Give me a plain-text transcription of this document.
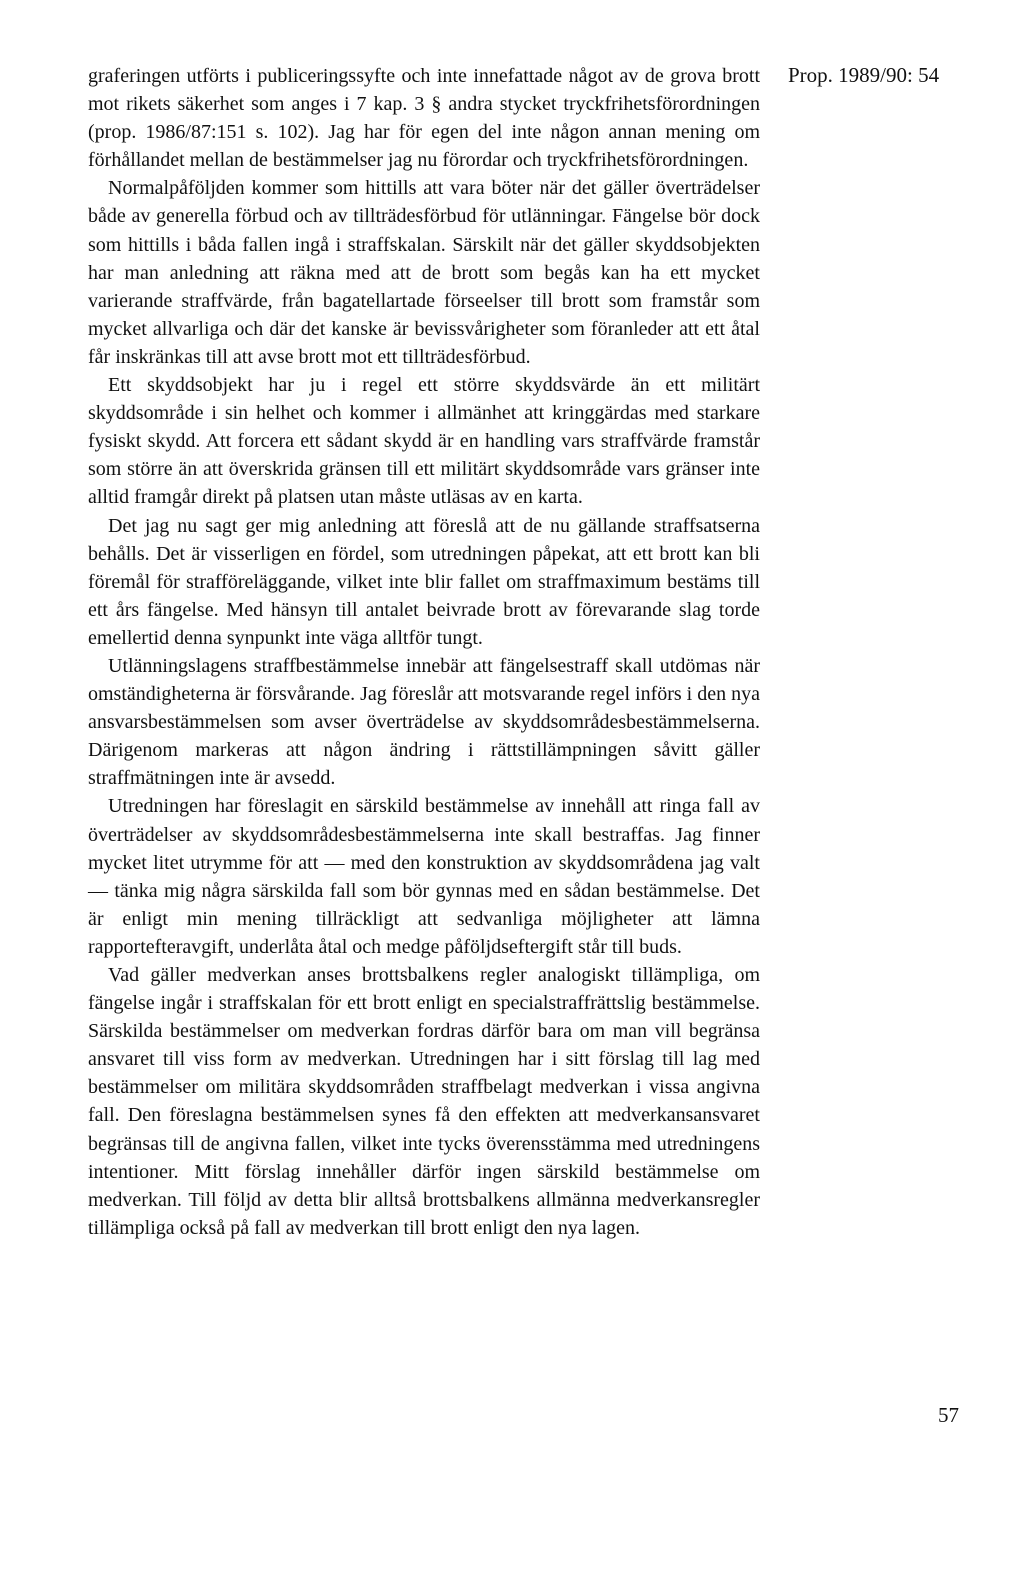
Prop. 1989/90: 54

graferingen utförts i publiceringssyfte och inte innefattade något av de grova brott mot rikets säkerhet som anges i 7 kap. 3 § andra stycket tryckfrihetsförordningen (prop. 1986/87:151 s. 102). Jag har för egen del inte någon annan mening om förhållandet mellan de bestämmelser jag nu förordar och tryckfrihetsförordningen.

Normalpåföljden kommer som hittills att vara böter när det gäller överträdelser både av generella förbud och av tillträdesförbud för utlänningar. Fängelse bör dock som hittills i båda fallen ingå i straffskalan. Särskilt när det gäller skyddsobjekten har man anledning att räkna med att de brott som begås kan ha ett mycket varierande straffvärde, från bagatellartade förseelser till brott som framstår som mycket allvarliga och där det kanske är bevissvårigheter som föranleder att ett åtal får inskränkas till att avse brott mot ett tillträdesförbud.

Ett skyddsobjekt har ju i regel ett större skyddsvärde än ett militärt skyddsområde i sin helhet och kommer i allmänhet att kringgärdas med starkare fysiskt skydd. Att forcera ett sådant skydd är en handling vars straffvärde framstår som större än att överskrida gränsen till ett militärt skyddsområde vars gränser inte alltid framgår direkt på platsen utan måste utläsas av en karta.

Det jag nu sagt ger mig anledning att föreslå att de nu gällande straffsatserna behålls. Det är visserligen en fördel, som utredningen påpekat, att ett brott kan bli föremål för strafföreläggande, vilket inte blir fallet om straffmaximum bestäms till ett års fängelse. Med hänsyn till antalet beivrade brott av förevarande slag torde emellertid denna synpunkt inte väga alltför tungt.

Utlänningslagens straffbestämmelse innebär att fängelsestraff skall utdömas när omständigheterna är försvårande. Jag föreslår att motsvarande regel införs i den nya ansvarsbestämmelsen som avser överträdelse av skyddsområdesbestämmelserna. Därigenom markeras att någon ändring i rättstillämpningen såvitt gäller straffmätningen inte är avsedd.

Utredningen har föreslagit en särskild bestämmelse av innehåll att ringa fall av överträdelser av skyddsområdesbestämmelserna inte skall bestraffas. Jag finner mycket litet utrymme för att — med den konstruktion av skyddsområdena jag valt — tänka mig några särskilda fall som bör gynnas med en sådan bestämmelse. Det är enligt min mening tillräckligt att sedvanliga möjligheter att lämna rapportefteravgift, underlåta åtal och medge påföljdseftergift står till buds.

Vad gäller medverkan anses brottsbalkens regler analogiskt tillämpliga, om fängelse ingår i straffskalan för ett brott enligt en specialstraffrättslig bestämmelse. Särskilda bestämmelser om medverkan fordras därför bara om man vill begränsa ansvaret till viss form av medverkan. Utredningen har i sitt förslag till lag med bestämmelser om militära skyddsområden straffbelagt medverkan i vissa angivna fall. Den föreslagna bestämmelsen synes få den effekten att medverkansansvaret begränsas till de angivna fallen, vilket inte tycks överensstämma med utredningens intentioner. Mitt förslag innehåller därför ingen särskild bestämmelse om medverkan. Till följd av detta blir alltså brottsbalkens allmänna medverkansregler tillämpliga också på fall av medverkan till brott enligt den nya lagen.

57
